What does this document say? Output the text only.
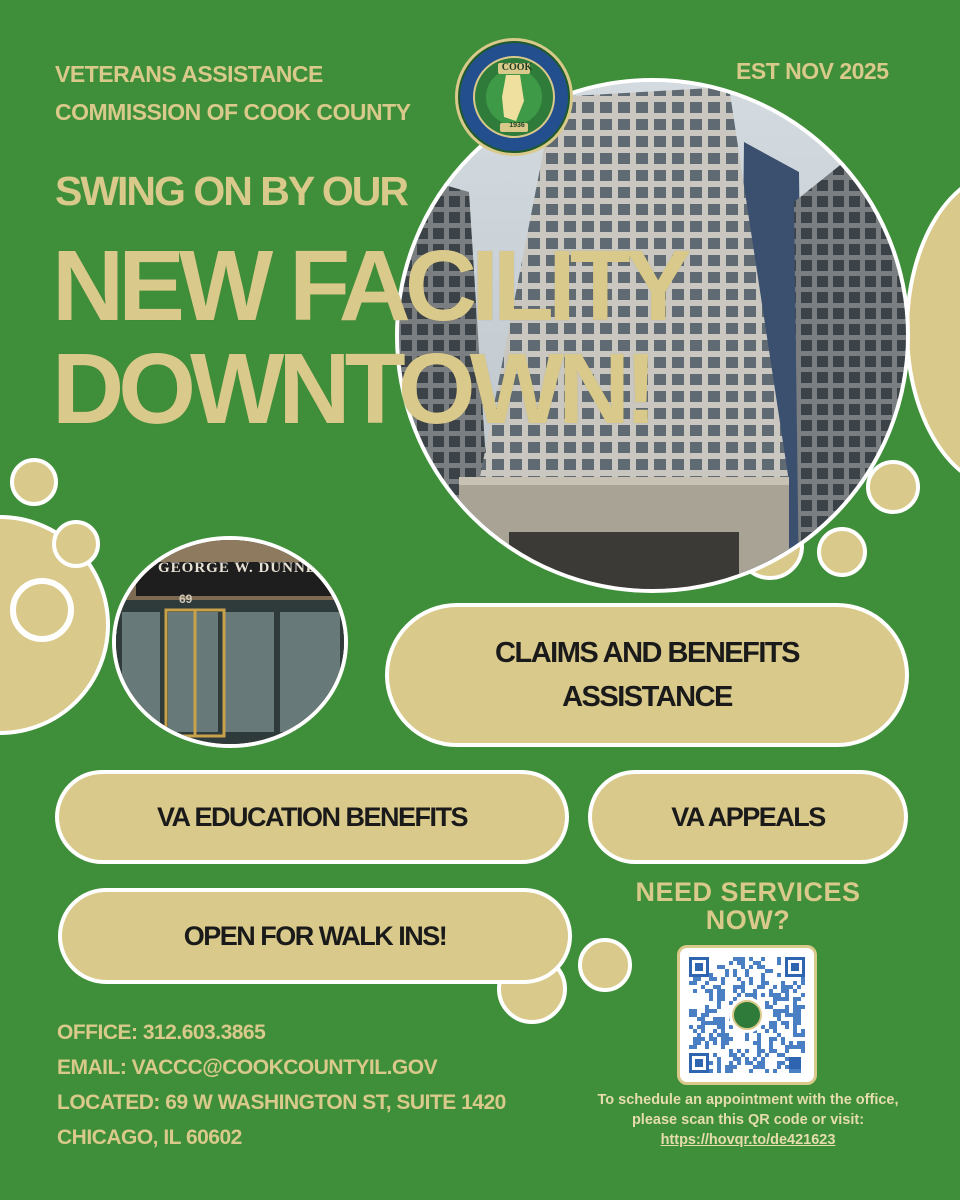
GEORGE W. DUNNE C
69
VETERANS ASSISTANCE
COMMISSION OF COOK COUNTY
EST NOV 2025
COOK
1936
SWING ON BY OUR
NEW FACILITY
DOWNTOWN!
CLAIMS AND BENEFITS
ASSISTANCE
VA EDUCATION BENEFITS	VA APPEALS
OPEN FOR WALK INS!
OFFICE: 312.603.3865
EMAIL: VACCC@COOKCOUNTYIL.GOV
LOCATED: 69 W WASHINGTON ST, SUITE 1420
CHICAGO, IL 60602
NEED SERVICES
NOW?
To schedule an appointment with the office,
please scan this QR code or visit:
https://hovqr.to/de421623
